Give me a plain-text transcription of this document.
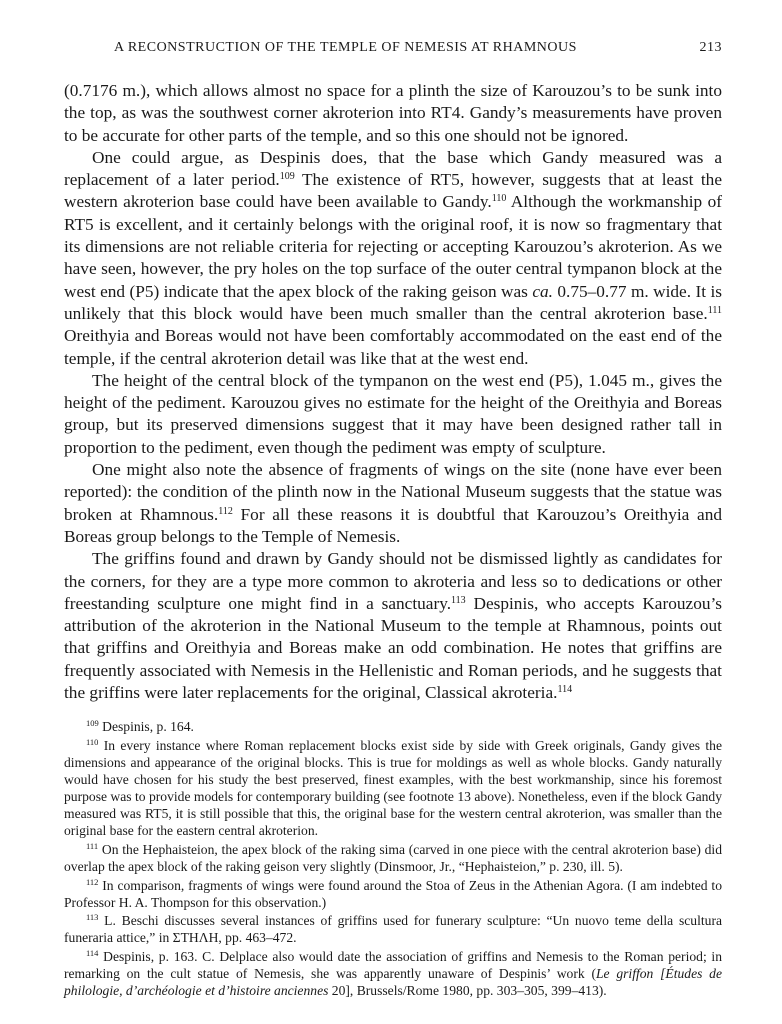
A RECONSTRUCTION OF THE TEMPLE OF NEMESIS AT RHAMNOUS	213

(0.7176 m.), which allows almost no space for a plinth the size of Karouzou’s to be sunk into the top, as was the southwest corner akroterion into RT4. Gandy’s measurements have proven to be accurate for other parts of the temple, and so this one should not be ignored.

One could argue, as Despinis does, that the base which Gandy measured was a replacement of a later period.$^{109}$ The existence of RT5, however, suggests that at least the western akroterion base could have been available to Gandy.$^{110}$ Although the workmanship of RT5 is excellent, and it certainly belongs with the original roof, it is now so fragmentary that its dimensions are not reliable criteria for rejecting or accepting Karouzou’s akroterion. As we have seen, however, the pry holes on the top surface of the outer central tympanon block at the west end (P5) indicate that the apex block of the raking geison was ca. 0.75–0.77 m. wide. It is unlikely that this block would have been much smaller than the central akroterion base.$^{111}$ Oreithyia and Boreas would not have been comfortably accommodated on the east end of the temple, if the central akroterion detail was like that at the west end.

The height of the central block of the tympanon on the west end (P5), 1.045 m., gives the height of the pediment. Karouzou gives no estimate for the height of the Oreithyia and Boreas group, but its preserved dimensions suggest that it may have been designed rather tall in proportion to the pediment, even though the pediment was empty of sculpture.

One might also note the absence of fragments of wings on the site (none have ever been reported): the condition of the plinth now in the National Museum suggests that the statue was broken at Rhamnous.$^{112}$ For all these reasons it is doubtful that Karouzou’s Oreithyia and Boreas group belongs to the Temple of Nemesis.

The griffins found and drawn by Gandy should not be dismissed lightly as candidates for the corners, for they are a type more common to akroteria and less so to dedications or other freestanding sculpture one might find in a sanctuary.$^{113}$ Despinis, who accepts Karouzou’s attribution of the akroterion in the National Museum to the temple at Rhamnous, points out that griffins and Oreithyia and Boreas make an odd combination. He notes that griffins are frequently associated with Nemesis in the Hellenistic and Roman periods, and he suggests that the griffins were later replacements for the original, Classical akroteria.$^{114}$

$^{109}$ Despinis, p. 164.

$^{110}$ In every instance where Roman replacement blocks exist side by side with Greek originals, Gandy gives the dimensions and appearance of the original blocks. This is true for moldings as well as whole blocks. Gandy naturally would have chosen for his study the best preserved, finest examples, with the best workmanship, since his foremost purpose was to provide models for contemporary building (see footnote 13 above). Nonetheless, even if the block Gandy measured was RT5, it is still possible that this, the original base for the western central akroterion, was smaller than the original base for the eastern central akroterion.

$^{111}$ On the Hephaisteion, the apex block of the raking sima (carved in one piece with the central akroterion base) did overlap the apex block of the raking geison very slightly (Dinsmoor, Jr., “Hephaisteion,” p. 230, ill. 5).

$^{112}$ In comparison, fragments of wings were found around the Stoa of Zeus in the Athenian Agora. (I am indebted to Professor H. A. Thompson for this observation.)

$^{113}$ L. Beschi discusses several instances of griffins used for funerary sculpture: “Un nuovo teme della scultura funeraria attice,” in ΣΤΗΛΗ, pp. 463–472.

$^{114}$ Despinis, p. 163. C. Delplace also would date the association of griffins and Nemesis to the Roman period; in remarking on the cult statue of Nemesis, she was apparently unaware of Despinis’ work (Le griffon [Études de philologie, d’archéologie et d’histoire anciennes 20], Brussels/Rome 1980, pp. 303–305, 399–413).
